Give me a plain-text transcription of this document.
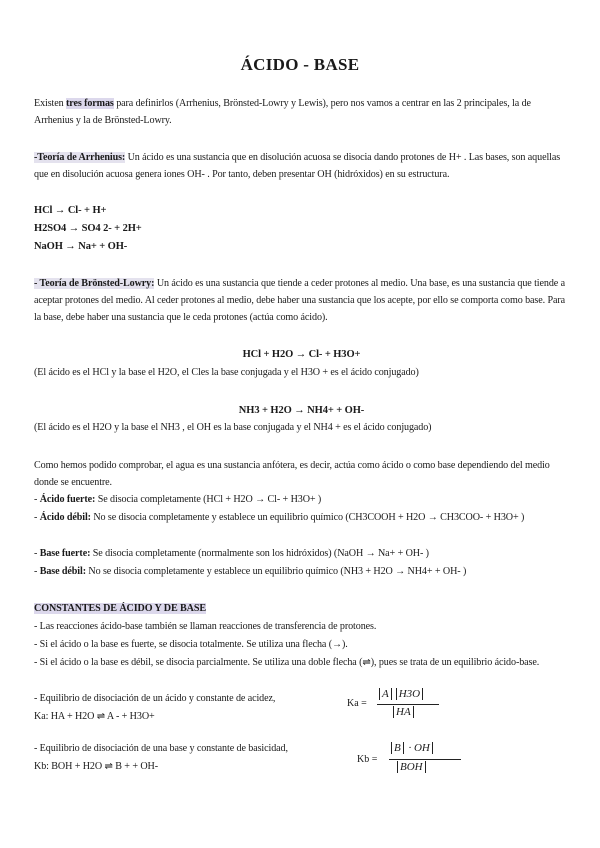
ÁCIDO - BASE
Existen tres formas para definirlos (Arrhenius, Brönsted-Lowry y Lewis), pero nos vamos a centrar en las 2 principales, la de Arrhenius y la de Brönsted-Lowry.
-Teoría de Arrhenius: Un ácido es una sustancia que en disolución acuosa se disocia dando protones de H+ . Las bases, son aquellas que en disolución acuosa genera iones OH- . Por tanto, deben presentar OH (hidróxidos) en su estructura.
HCl → Cl- + H+
H2SO4 → SO4 2- + 2H+
NaOH → Na+ + OH-
- Teoría de Brönsted-Lowry: Un ácido es una sustancia que tiende a ceder protones al medio. Una base, es una sustancia que tiende a aceptar protones del medio. Al ceder protones al medio, debe haber una sustancia que los acepte, por ello se comporta como base. Para la base, debe haber una sustancia que le ceda protones (actúa como ácido).
HCl + H2O → Cl- + H3O+
(El ácido es el HCl y la base el H2O, el Cles la base conjugada y el H3O + es el ácido conjugado)
NH3 + H2O → NH4+ + OH-
(El ácido es el H2O y la base el NH3 , el OH es la base conjugada y el NH4 + es el ácido conjugado)
Como hemos podido comprobar, el agua es una sustancia anfótera, es decir, actúa como ácido o como base dependiendo del medio donde se encuentre.
- Ácido fuerte: Se disocia completamente (HCl + H2O → Cl- + H3O+ )
- Ácido débil: No se disocia completamente y establece un equilibrio químico (CH3COOH + H2O → CH3COO- + H3O+ )
- Base fuerte: Se disocia completamente (normalmente son los hidróxidos) (NaOH → Na+ + OH- )
- Base débil: No se disocia completamente y establece un equilibrio químico (NH3 + H2O → NH4+ + OH- )
CONSTANTES DE ÁCIDO Y DE BASE
- Las reacciones ácido-base también se llaman reacciones de transferencia de protones.
- Si el ácido o la base es fuerte, se disocia totalmente. Se utiliza una flecha (→).
- Si el ácido o la base es débil, se disocia parcialmente. Se utiliza una doble flecha (⇌), pues se trata de un equilibrio ácido-base.
- Equilibrio de disociación de un ácido y constante de acidez,
Ka: HA + H2O ⇌ A - + H3O+
Ka =
A H3O
HA
- Equilibrio de disociación de una base y constante de basicidad,
Kb: BOH + H2O ⇌ B + + OH-
Kb =
B · OH
BOH
